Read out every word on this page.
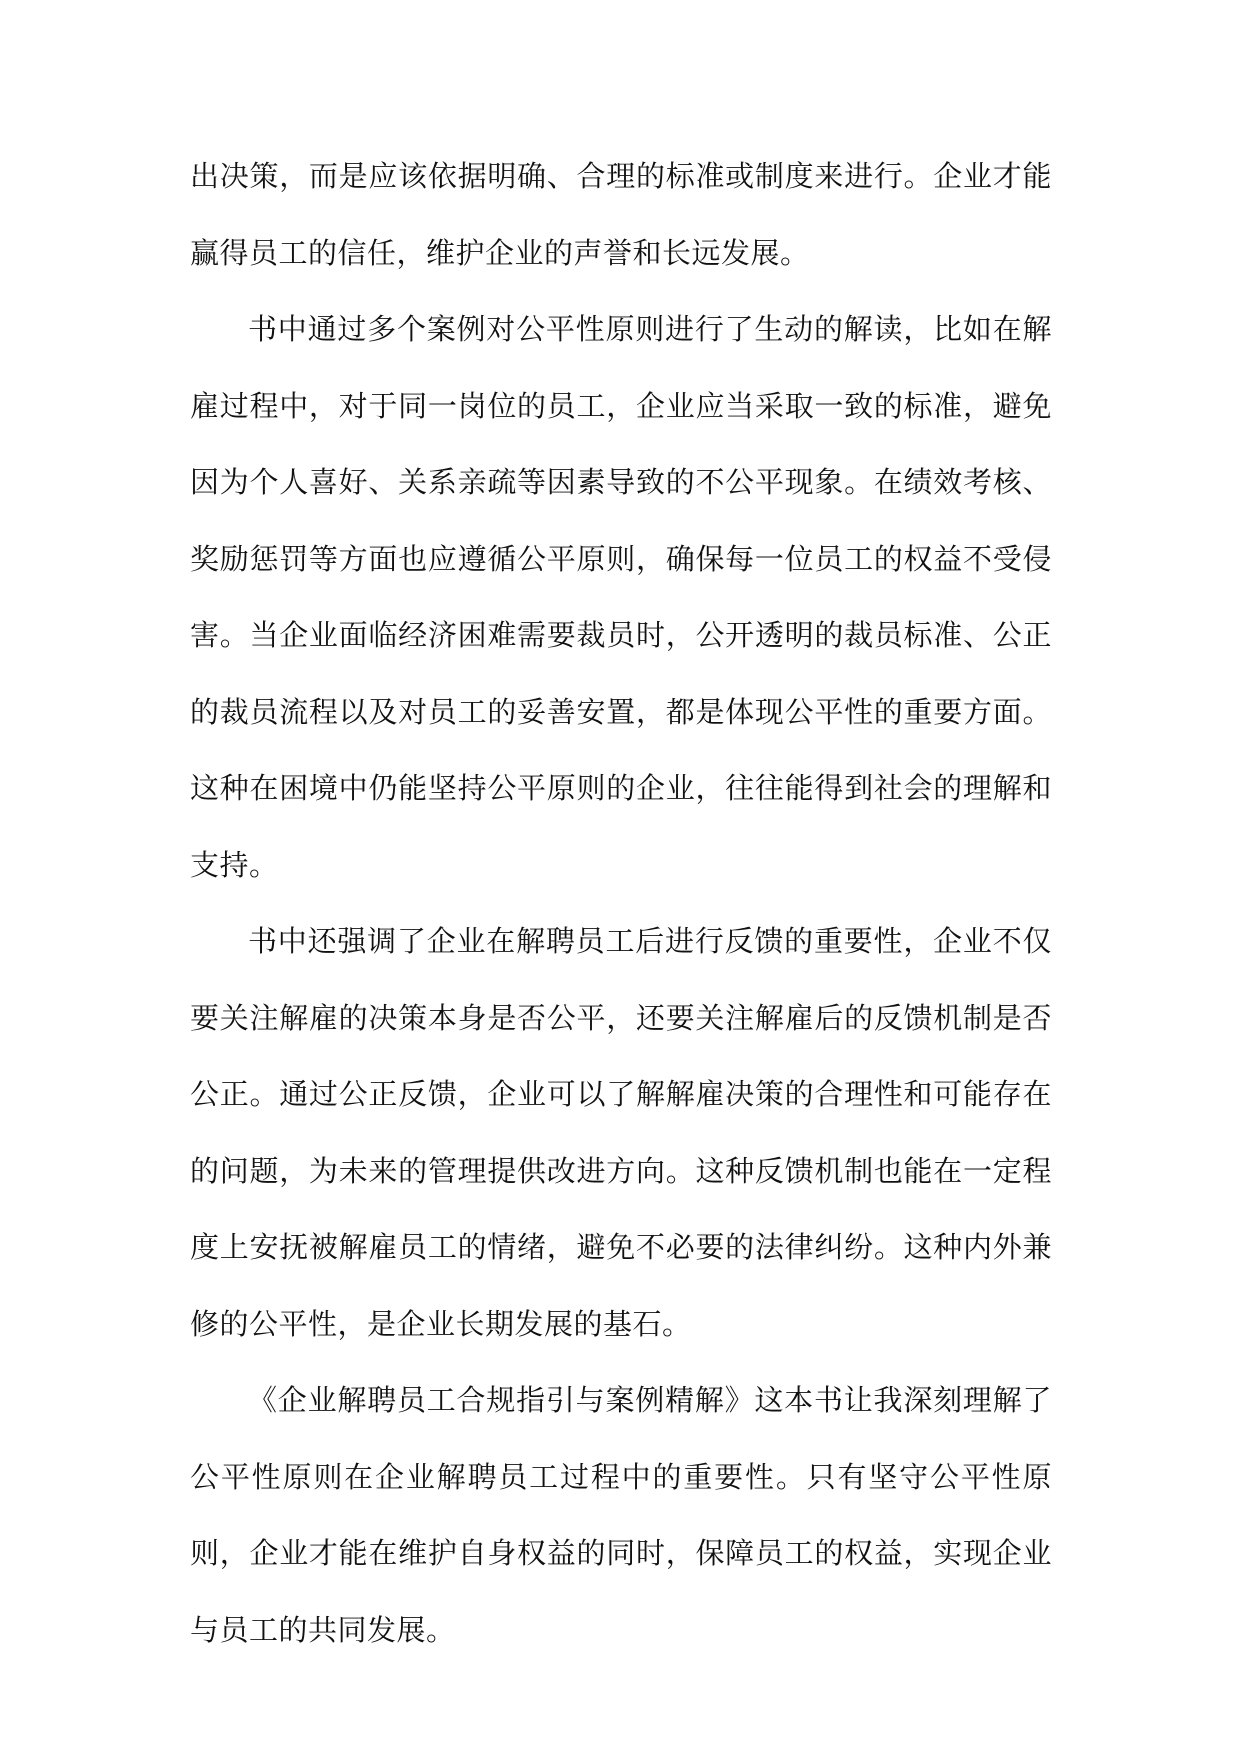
出决策，而是应该依据明确、合理的标准或制度来进行。企业才能赢得员工的信任，维护企业的声誉和长远发展。

书中通过多个案例对公平性原则进行了生动的解读，比如在解雇过程中，对于同一岗位的员工，企业应当采取一致的标准，避免因为个人喜好、关系亲疏等因素导致的不公平现象。在绩效考核、奖励惩罚等方面也应遵循公平原则，确保每一位员工的权益不受侵害。当企业面临经济困难需要裁员时，公开透明的裁员标准、公正的裁员流程以及对员工的妥善安置，都是体现公平性的重要方面。这种在困境中仍能坚持公平原则的企业，往往能得到社会的理解和支持。

书中还强调了企业在解聘员工后进行反馈的重要性，企业不仅要关注解雇的决策本身是否公平，还要关注解雇后的反馈机制是否公正。通过公正反馈，企业可以了解解雇决策的合理性和可能存在的问题，为未来的管理提供改进方向。这种反馈机制也能在一定程度上安抚被解雇员工的情绪，避免不必要的法律纠纷。这种内外兼修的公平性，是企业长期发展的基石。

《企业解聘员工合规指引与案例精解》这本书让我深刻理解了公平性原则在企业解聘员工过程中的重要性。只有坚守公平性原则，企业才能在维护自身权益的同时，保障员工的权益，实现企业与员工的共同发展。
